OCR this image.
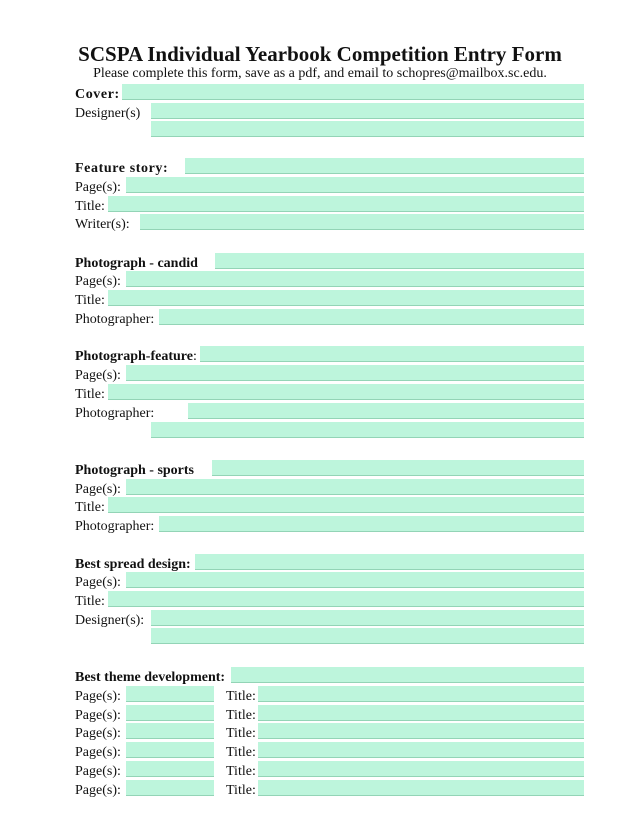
SCSPA Individual Yearbook Competition Entry Form
Please complete this form, save as a pdf, and email to schopres@mailbox.sc.edu.
Cover:
Designer(s)
Feature story:
Page(s):
Title:
Writer(s):
Photograph - candid
Page(s):
Title:
Photographer:
Photograph-feature:
Page(s):
Title:
Photographer:
Photograph - sports
Page(s):
Title:
Photographer:
Best spread design:
Page(s):
Title:
Designer(s):
Best theme development:
Page(s):	Title:
Page(s):	Title:
Page(s):	Title:
Page(s):	Title:
Page(s):	Title:
Page(s):	Title:
